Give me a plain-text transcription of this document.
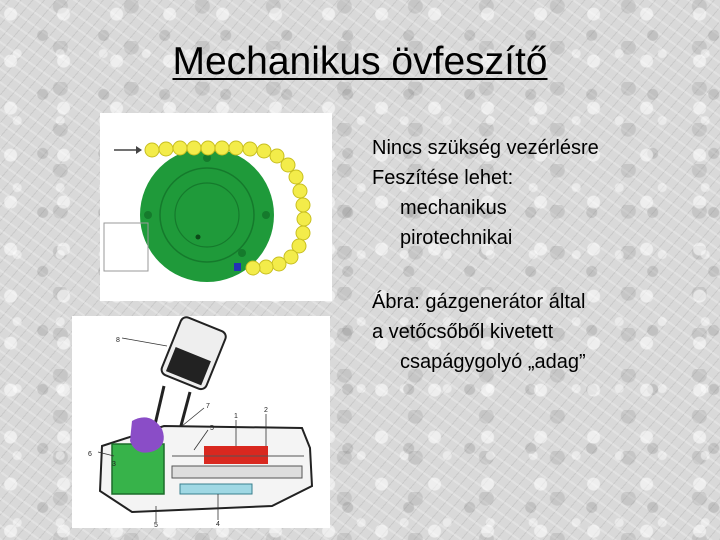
Mechanikus övfeszítő
8
7
6
5
1
2
4
3
5

Nincs szükség vezérlésre

Feszítése lehet:

mechanikus

pirotechnikai

Ábra: gázgenerátor által

a vetőcsőből kivetett

csapágygolyó „adag”
